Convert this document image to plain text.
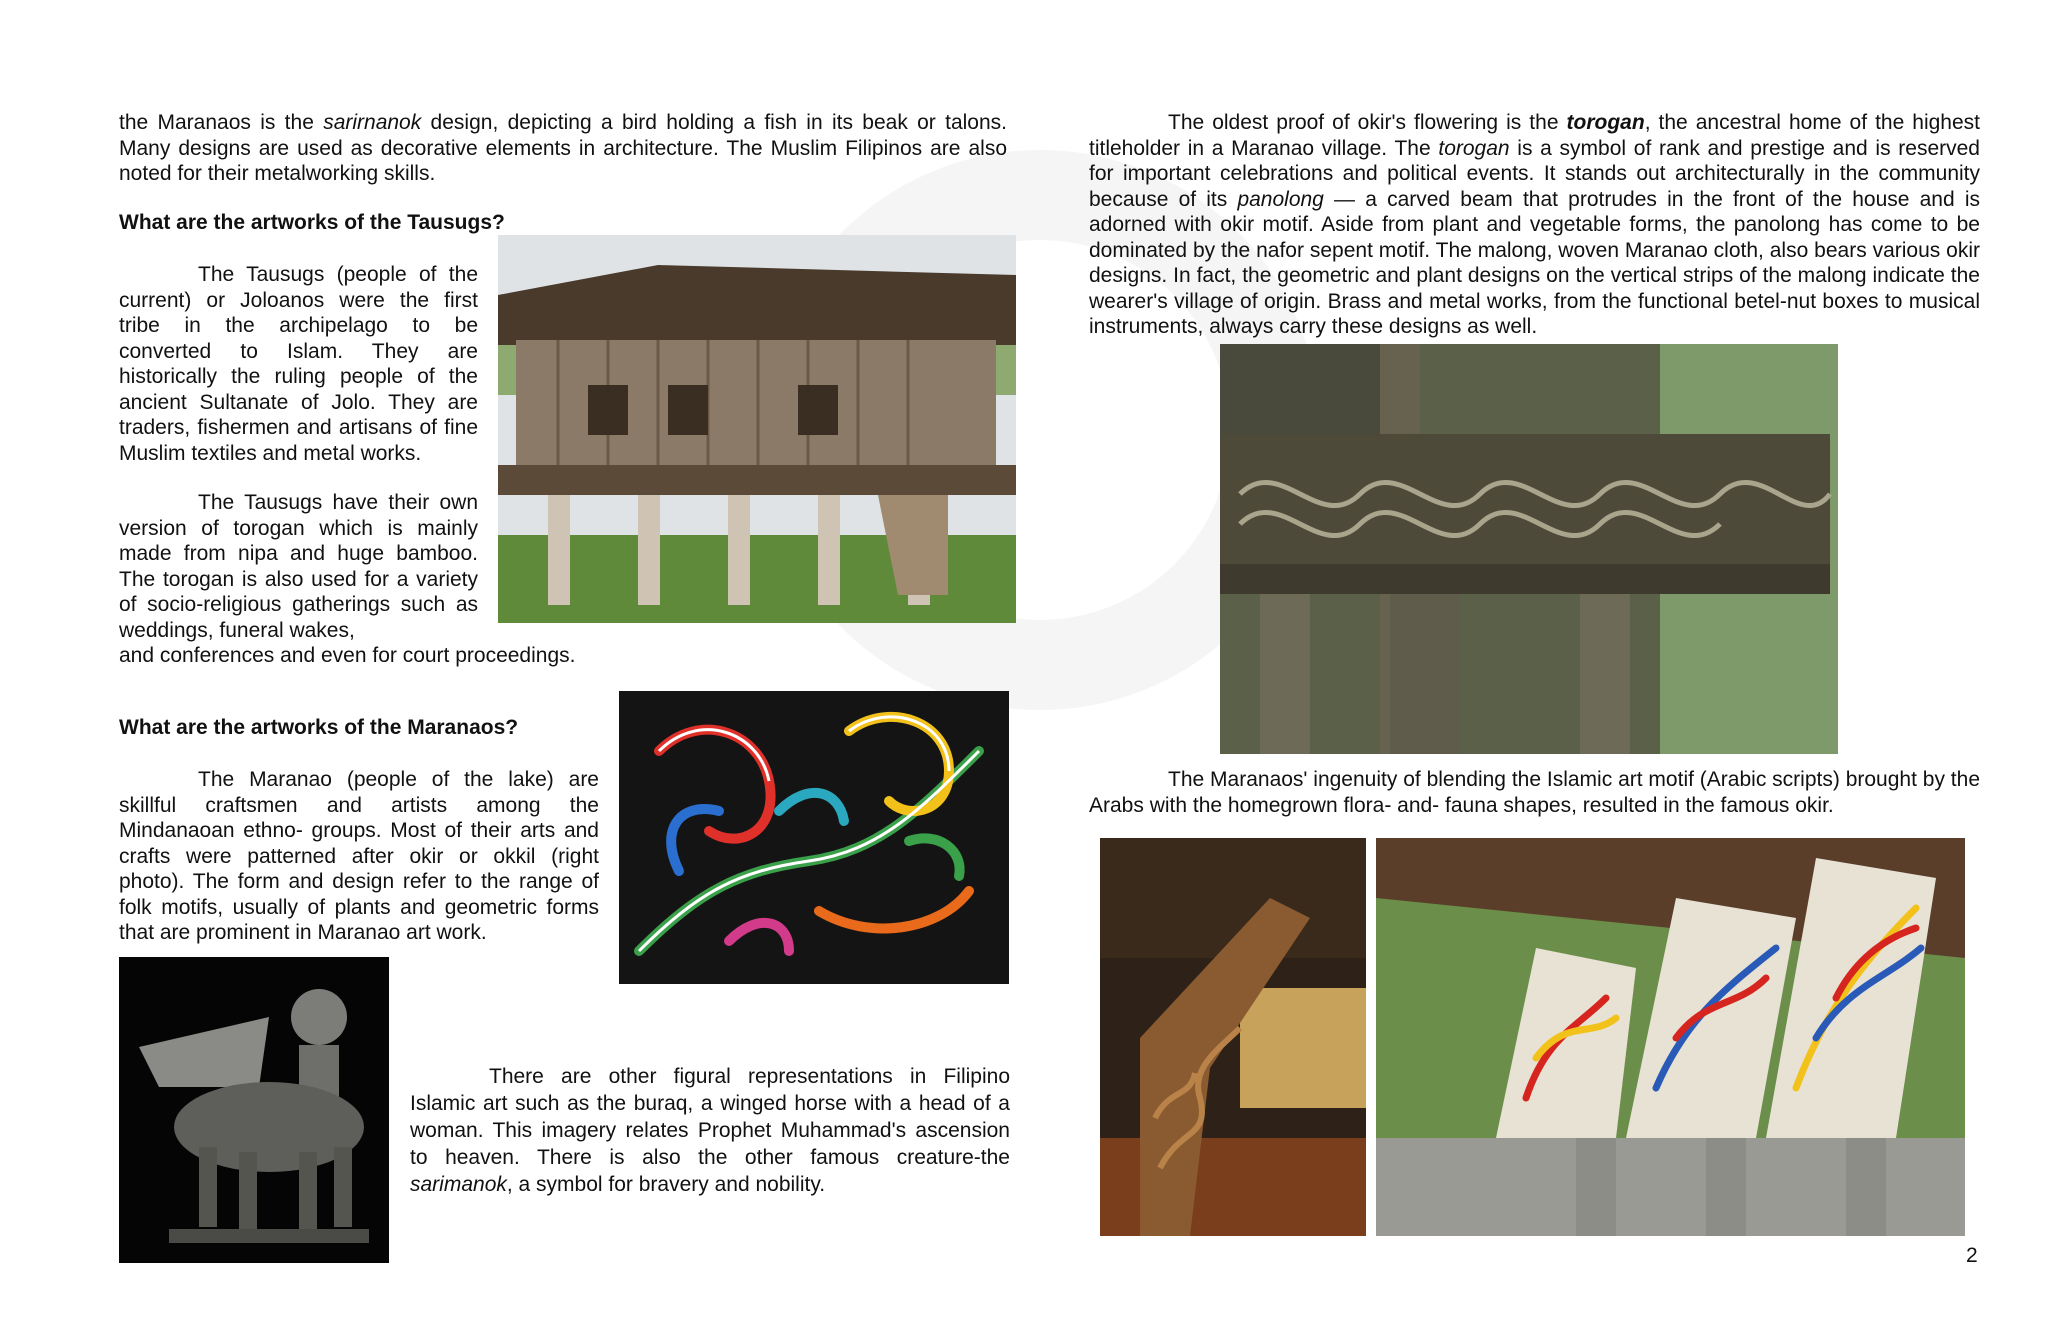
the Maranaos is the sarirnanok design, depicting a bird holding a fish in its beak or talons. Many designs are used as decorative elements in architecture. The Muslim Filipinos are also noted for their metalworking skills.

What are the artworks of the Tausugs?

The Tausugs (people of the current) or Joloanos were the first tribe in the archipelago to be converted to Islam. They are historically the ruling people of the ancient Sultanate of Jolo. They are traders, fishermen and artisans of fine Muslim textiles and metal works.

The Tausugs have their own version of torogan which is mainly made from nipa and huge bamboo. The torogan is also used for a variety of socio-religious gatherings such as weddings, funeral wakes,

and conferences and even for court proceedings.

What are the artworks of the Maranaos?

The Maranao (people of the lake) are skillful craftsmen and artists among the Mindanaoan ethno- groups. Most of their arts and crafts were patterned after okir or okkil (right photo). The form and design refer to the range of folk motifs, usually of plants and geometric forms that are prominent in Maranao art work.

There are other figural representations in Filipino Islamic art such as the buraq, a winged horse with a head of a woman. This imagery relates Prophet Muhammad's ascension to heaven. There is also the other famous creature-the sarimanok, a symbol for bravery and nobility.

The oldest proof of okir's flowering is the torogan, the ancestral home of the highest titleholder in a Maranao village. The torogan is a symbol of rank and prestige and is reserved for important celebrations and political events. It stands out architecturally in the community because of its panolong — a carved beam that protrudes in the front of the house and is adorned with okir motif. Aside from plant and vegetable forms, the panolong has come to be dominated by the nafor sepent motif. The malong, woven Maranao cloth, also bears various okir designs. In fact, the geometric and plant designs on the vertical strips of the malong indicate the wearer's village of origin. Brass and metal works, from the functional betel-nut boxes to musical instruments, always carry these designs as well.

The Maranaos' ingenuity of blending the Islamic art motif (Arabic scripts) brought by the Arabs with the homegrown flora- and- fauna shapes, resulted in the famous okir.

2
